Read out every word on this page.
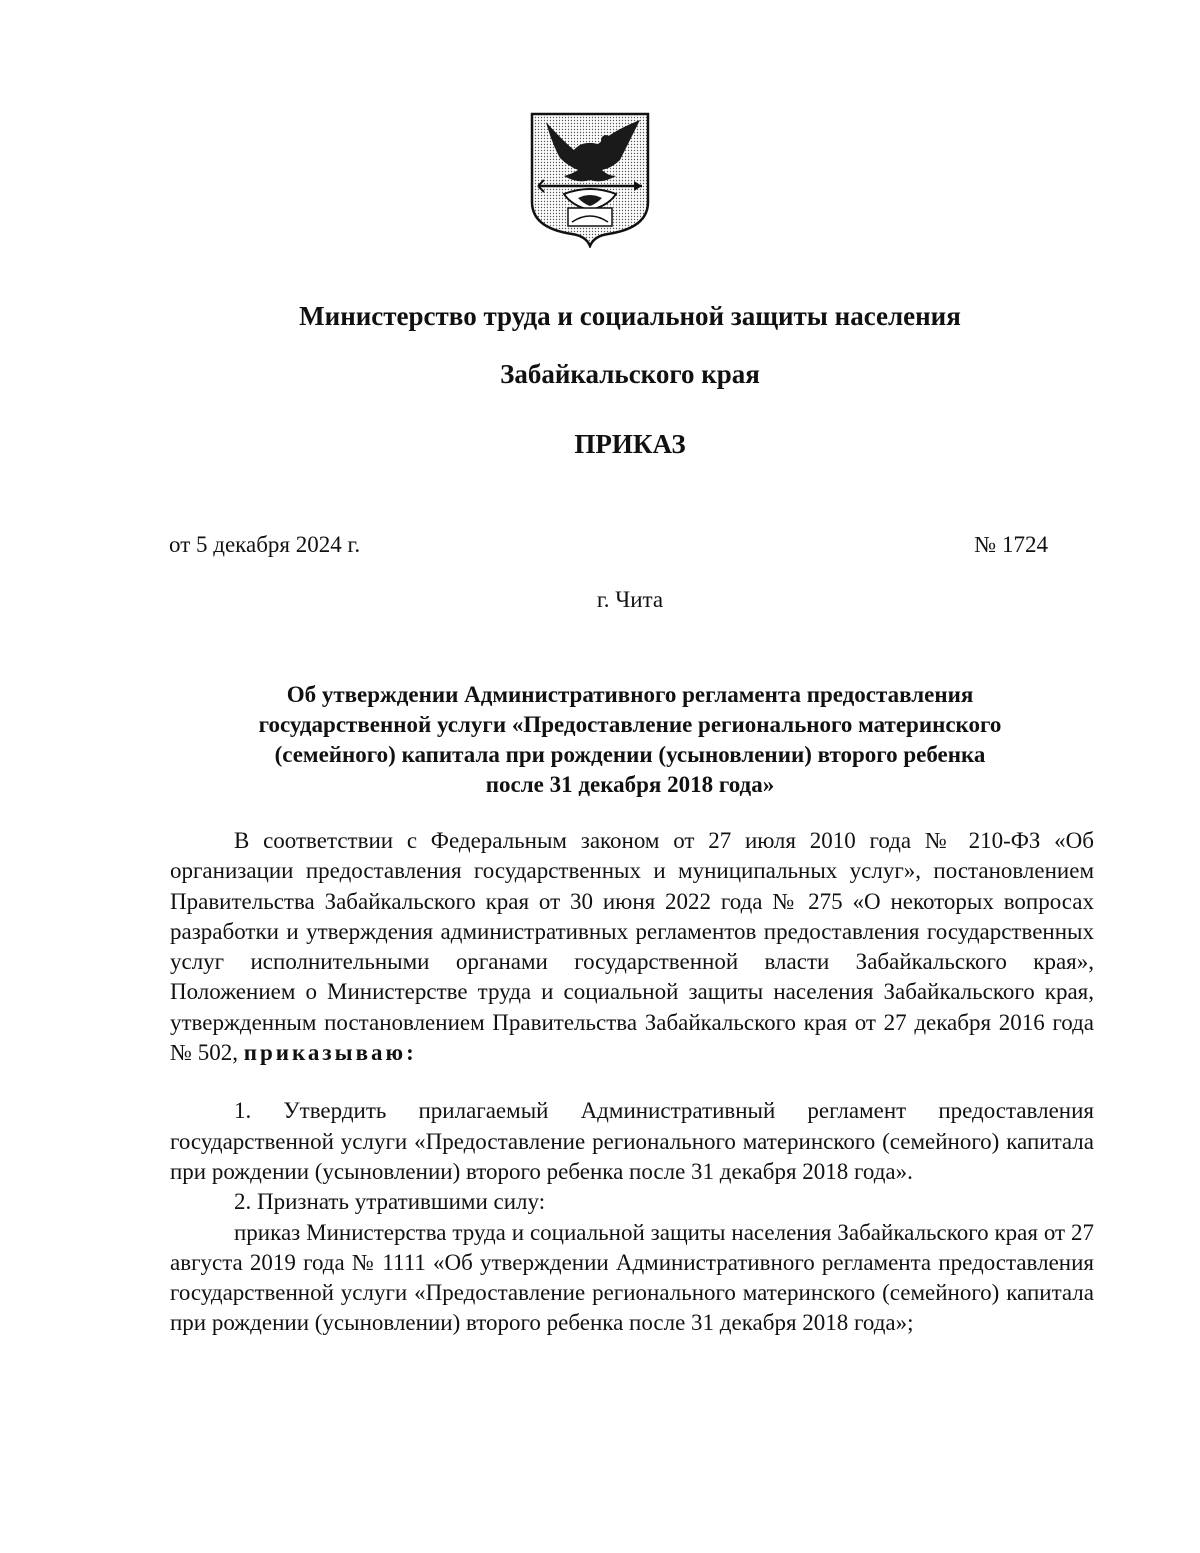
Министерство труда и социальной защиты населения
Забайкальского края
ПРИКАЗ
от 5 декабря 2024 г.	№ 1724
г. Чита
Об утверждении Административного регламента предоставления
государственной услуги «Предоставление регионального материнского
(семейного) капитала при рождении (усыновлении) второго ребенка
после 31 декабря 2018 года»

В соответствии с Федеральным законом от 27 июля 2010 года № 210-ФЗ «Об организации предоставления государственных и муниципальных услуг», постановлением Правительства Забайкальского края от 30 июня 2022 года № 275 «О некоторых вопросах разработки и утверждения административных регламентов предоставления государственных услуг исполнительными органами государственной власти Забайкальского края», Положением о Министерстве труда и социальной защиты населения Забайкальского края, утвержденным постановлением Правительства Забайкальского края от 27 декабря 2016 года № 502, приказываю:

1. Утвердить прилагаемый Административный регламент предоставления государственной услуги «Предоставление регионального материнского (семейного) капитала при рождении (усыновлении) второго ребенка после 31 декабря 2018 года».

2. Признать утратившими силу:

приказ Министерства труда и социальной защиты населения Забайкальского края от 27 августа 2019 года № 1111 «Об утверждении Административного регламента предоставления государственной услуги «Предоставление регионального материнского (семейного) капитала при рождении (усыновлении) второго ребенка после 31 декабря 2018 года»;
